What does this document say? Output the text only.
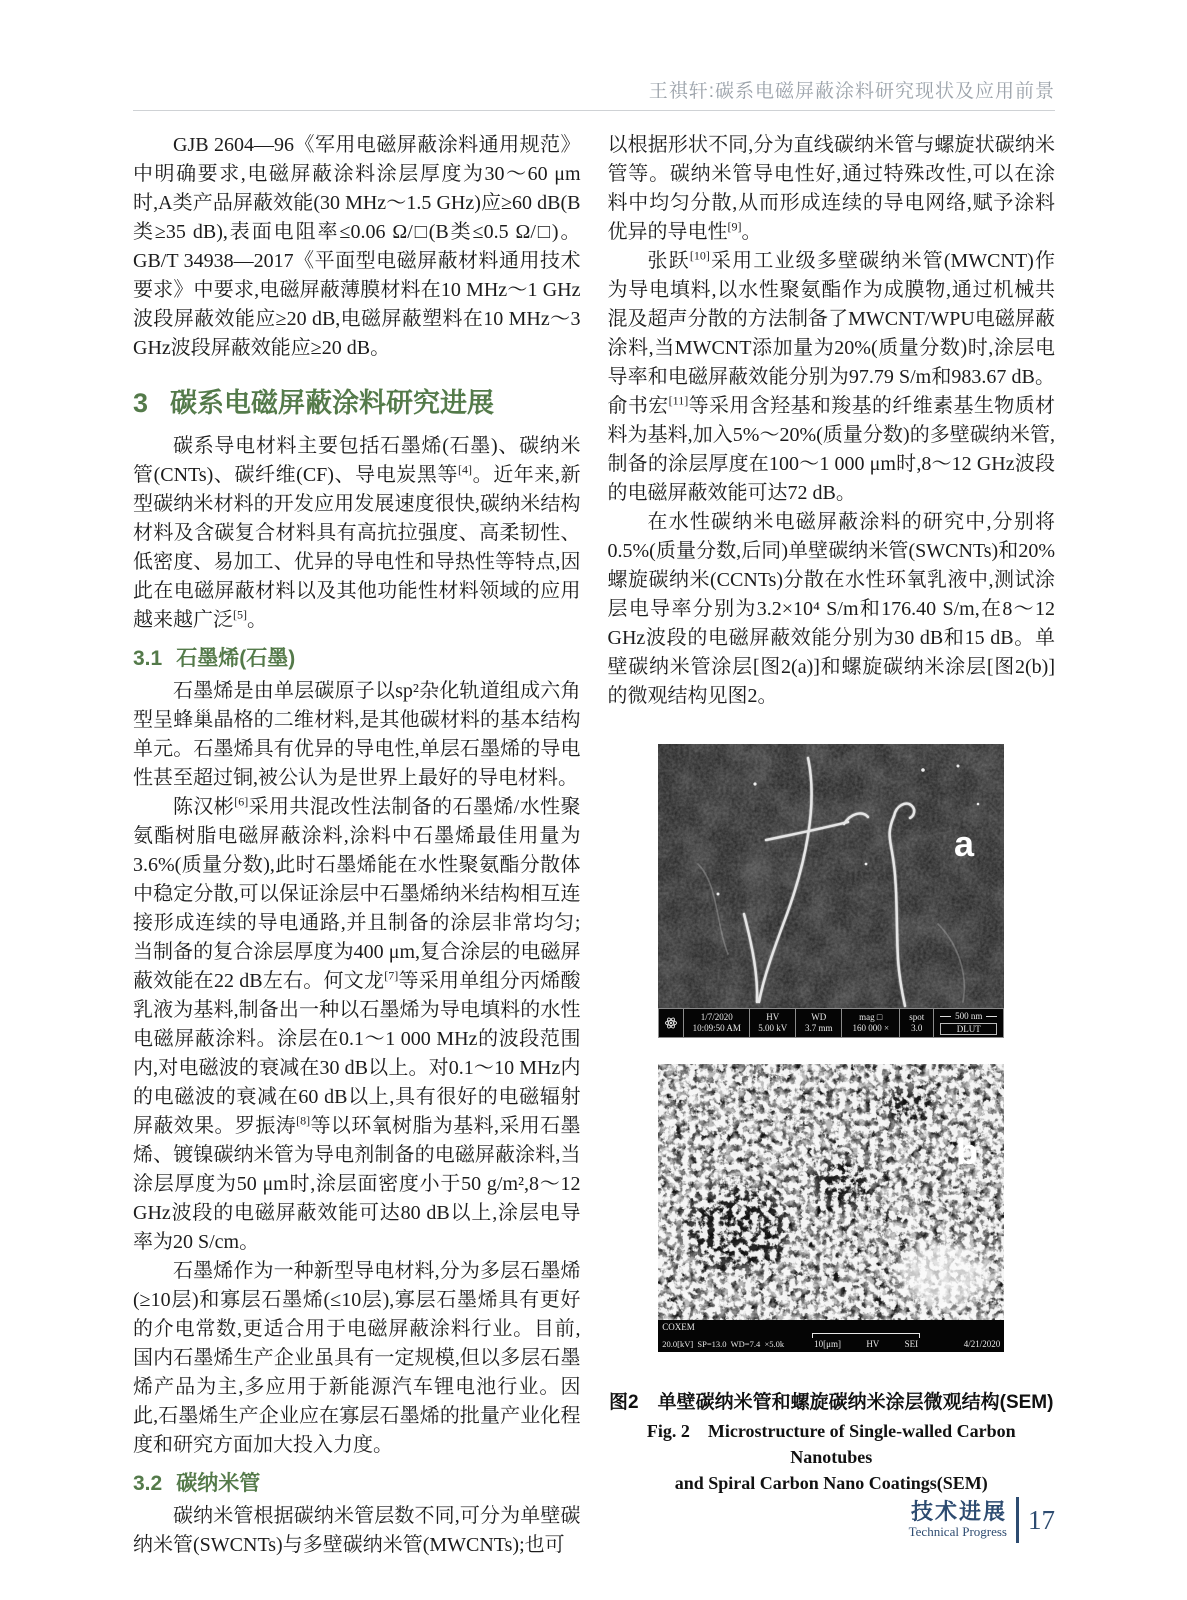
王祺轩:碳系电磁屏蔽涂料研究现状及应用前景

GJB 2604—96《军用电磁屏蔽涂料通用规范》中明确要求,电磁屏蔽涂料涂层厚度为30～60 μm时,A类产品屏蔽效能(30 MHz～1.5 GHz)应≥60 dB(B类≥35 dB),表面电阻率≤0.06 Ω/□(B类≤0.5 Ω/□)。GB/T 34938—2017《平面型电磁屏蔽材料通用技术要求》中要求,电磁屏蔽薄膜材料在10 MHz～1 GHz波段屏蔽效能应≥20 dB,电磁屏蔽塑料在10 MHz～3 GHz波段屏蔽效能应≥20 dB。

3 碳系电磁屏蔽涂料研究进展

碳系导电材料主要包括石墨烯(石墨)、碳纳米管(CNTs)、碳纤维(CF)、导电炭黑等[4]。近年来,新型碳纳米材料的开发应用发展速度很快,碳纳米结构材料及含碳复合材料具有高抗拉强度、高柔韧性、低密度、易加工、优异的导电性和导热性等特点,因此在电磁屏蔽材料以及其他功能性材料领域的应用越来越广泛[5]。

3.1 石墨烯(石墨)

石墨烯是由单层碳原子以sp²杂化轨道组成六角型呈蜂巢晶格的二维材料,是其他碳材料的基本结构单元。石墨烯具有优异的导电性,单层石墨烯的导电性甚至超过铜,被公认为是世界上最好的导电材料。

陈汉彬[6]采用共混改性法制备的石墨烯/水性聚氨酯树脂电磁屏蔽涂料,涂料中石墨烯最佳用量为3.6%(质量分数),此时石墨烯能在水性聚氨酯分散体中稳定分散,可以保证涂层中石墨烯纳米结构相互连接形成连续的导电通路,并且制备的涂层非常均匀;当制备的复合涂层厚度为400 μm,复合涂层的电磁屏蔽效能在22 dB左右。何文龙[7]等采用单组分丙烯酸乳液为基料,制备出一种以石墨烯为导电填料的水性电磁屏蔽涂料。涂层在0.1～1 000 MHz的波段范围内,对电磁波的衰减在30 dB以上。对0.1～10 MHz内的电磁波的衰减在60 dB以上,具有很好的电磁辐射屏蔽效果。罗振涛[8]等以环氧树脂为基料,采用石墨烯、镀镍碳纳米管为导电剂制备的电磁屏蔽涂料,当涂层厚度为50 μm时,涂层面密度小于50 g/m²,8～12 GHz波段的电磁屏蔽效能可达80 dB以上,涂层电导率为20 S/cm。

石墨烯作为一种新型导电材料,分为多层石墨烯(≥10层)和寡层石墨烯(≤10层),寡层石墨烯具有更好的介电常数,更适合用于电磁屏蔽涂料行业。目前,国内石墨烯生产企业虽具有一定规模,但以多层石墨烯产品为主,多应用于新能源汽车锂电池行业。因此,石墨烯生产企业应在寡层石墨烯的批量产业化程度和研究方面加大投入力度。

3.2 碳纳米管

碳纳米管根据碳纳米管层数不同,可分为单壁碳纳米管(SWCNTs)与多壁碳纳米管(MWCNTs);也可

以根据形状不同,分为直线碳纳米管与螺旋状碳纳米管等。碳纳米管导电性好,通过特殊改性,可以在涂料中均匀分散,从而形成连续的导电网络,赋予涂料优异的导电性[9]。

张跃[10]采用工业级多壁碳纳米管(MWCNT)作为导电填料,以水性聚氨酯作为成膜物,通过机械共混及超声分散的方法制备了MWCNT/WPU电磁屏蔽涂料,当MWCNT添加量为20%(质量分数)时,涂层电导率和电磁屏蔽效能分别为97.79 S/m和983.67 dB。俞书宏[11]等采用含羟基和羧基的纤维素基生物质材料为基料,加入5%～20%(质量分数)的多壁碳纳米管,制备的涂层厚度在100～1 000 μm时,8～12 GHz波段的电磁屏蔽效能可达72 dB。

在水性碳纳米电磁屏蔽涂料的研究中,分别将0.5%(质量分数,后同)单壁碳纳米管(SWCNTs)和20%螺旋碳纳米(CCNTs)分散在水性环氧乳液中,测试涂层电导率分别为3.2×10⁴ S/m和176.40 S/m,在8～12 GHz波段的电磁屏蔽效能分别为30 dB和15 dB。单壁碳纳米管涂层[图2(a)]和螺旋碳纳米涂层[图2(b)]的微观结构见图2。

a
1/7/2020
10:09:50 AM
HV
5.00 kV
WD
3.7 mm
mag □
160 000 ×
spot
3.0
500 nm
DLUT
b
COXEM
20.0[kV]  SP=13.0  WD=7.4  ×5.0k	10[μm]	HV	SEI	4/21/2020
图2　单壁碳纳米管和螺旋碳纳米涂层微观结构(SEM)
Fig. 2　Microstructure of Single-walled Carbon Nanotubes
and Spiral Carbon Nano Coatings(SEM)
技术进展
Technical Progress 17
